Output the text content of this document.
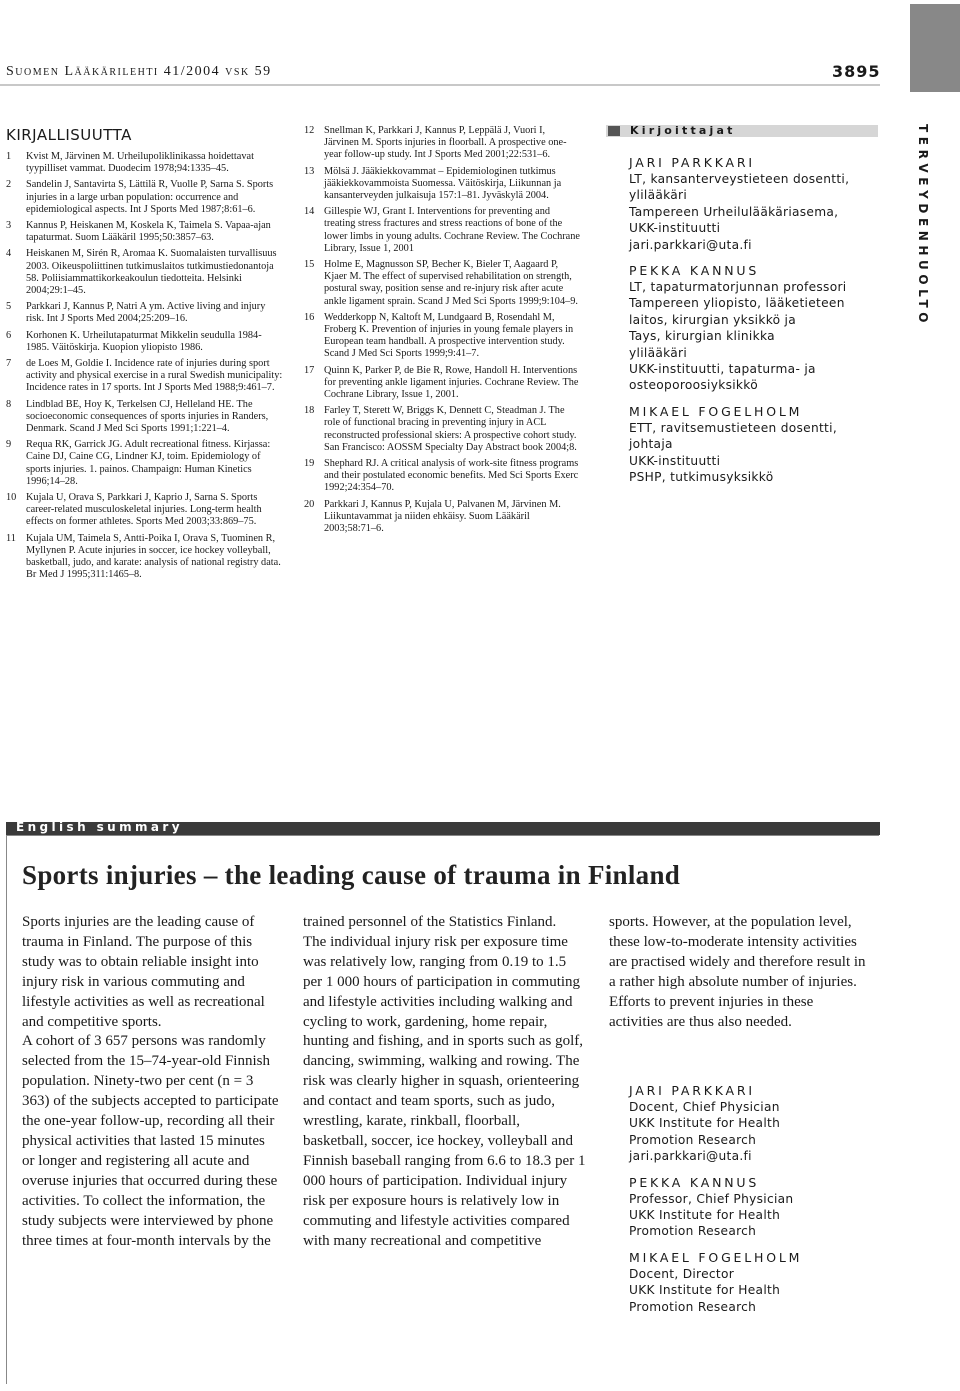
Suomen Lääkärilehti 41/2004 vsk 59	3895
TERVEYDENHUOLTO
KIRJALLISUUTTA
1	Kvist M, Järvinen M. Urheilupoliklinikassa hoidettavat tyypilliset vammat. Duodecim 1978;94:1335–45.
2	Sandelin J, Santavirta S, Lättilä R, Vuolle P, Sarna S. Sports injuries in a large urban population: occurrence and epidemiological aspects. Int J Sports Med 1987;8:61–6.
3	Kannus P, Heiskanen M, Koskela K, Taimela S. Vapaa-ajan tapaturmat. Suom Lääkäril 1995;50:3857–63.
4	Heiskanen M, Sirén R, Aromaa K. Suomalaisten turvallisuus 2003. Oikeuspoliittinen tutkimuslaitos tutkimustiedonantoja 58. Poliisiammattikorkeakoulun tiedotteita. Helsinki 2004;29:1–45.
5	Parkkari J, Kannus P, Natri A ym. Active living and injury risk. Int J Sports Med 2004;25:209–16.
6	Korhonen K. Urheilutapaturmat Mikkelin seudulla 1984-1985. Väitöskirja. Kuopion yliopisto 1986.
7	de Loes M, Goldie I. Incidence rate of injuries during sport activity and physical exercise in a rural Swedish municipality: Incidence rates in 17 sports. Int J Sports Med 1988;9:461–7.
8	Lindblad BE, Hoy K, Terkelsen CJ, Helleland HE. The socioeconomic consequences of sports injuries in Randers, Denmark. Scand J Med Sci Sports 1991;1:221–4.
9	Requa RK, Garrick JG. Adult recreational fitness. Kirjassa: Caine DJ, Caine CG, Lindner KJ, toim. Epidemiology of sports injuries. 1. painos. Champaign: Human Kinetics 1996;14–28.
10 Kujala U, Orava S, Parkkari J, Kaprio J, Sarna S. Sports career-related musculoskeletal injuries. Long-term health effects on former athletes. Sports Med 2003;33:869–75.
11 Kujala UM, Taimela S, Antti-Poika I, Orava S, Tuominen R, Myllynen P. Acute injuries in soccer, ice hockey volleyball, basketball, judo, and karate: analysis of national registry data. Br Med J 1995;311:1465–8.
12 Snellman K, Parkkari J, Kannus P, Leppälä J, Vuori I, Järvinen M. Sports injuries in floorball. A prospective one-year follow-up study. Int J Sports Med 2001;22:531–6.
13 Mölsä J. Jääkiekkovammat – Epidemiologinen tutkimus jääkiekkovammoista Suomessa. Väitöskirja, Liikunnan ja kansanterveyden julkaisuja 157:1–81. Jyväskylä 2004.
14 Gillespie WJ, Grant I. Interventions for preventing and treating stress fractures and stress reactions of bone of the lower limbs in young adults. Cochrane Review. The Cochrane Library, Issue 1, 2001
15 Holme E, Magnusson SP, Becher K, Bieler T, Aagaard P, Kjaer M. The effect of supervised rehabilitation on strength, postural sway, position sense and re-injury risk after acute ankle ligament sprain. Scand J Med Sci Sports 1999;9:104–9.
16 Wedderkopp N, Kaltoft M, Lundgaard B, Rosendahl M, Froberg K. Prevention of injuries in young female players in European team handball. A prospective intervention study. Scand J Med Sci Sports 1999;9:41–7.
17 Quinn K, Parker P, de Bie R, Rowe, Handoll H. Interventions for preventing ankle ligament injuries. Cochrane Review. The Cochrane Library, Issue 1, 2001.
18 Farley T, Sterett W, Briggs K, Dennett C, Steadman J. The role of functional bracing in preventing injury in ACL reconstructed professional skiers: A prospective cohort study. San Francisco: AOSSM Specialty Day Abstract book 2004;8.
19 Shephard RJ. A critical analysis of work-site fitness programs and their postulated economic benefits. Med Sci Sports Exerc 1992;24:354–70.
20 Parkkari J, Kannus P, Kujala U, Palvanen M, Järvinen M. Liikuntavammat ja niiden ehkäisy. Suom Lääkäril 2003;58:71–6.
Kirjoittajat
JARI PARKKARI
LT, kansanterveystieteen dosentti,
ylilääkäri
Tampereen Urheilulääkäriasema,
UKK-instituutti
jari.parkkari@uta.fi
PEKKA KANNUS
LT, tapaturmatorjunnan professori
Tampereen yliopisto, lääketieteen
laitos, kirurgian yksikkö ja
Tays, kirurgian klinikka
ylilääkäri
UKK-instituutti, tapaturma- ja
osteoporoosiyksikkö
MIKAEL FOGELHOLM
ETT, ravitsemustieteen dosentti,
johtaja
UKK-instituutti
PSHP, tutkimusyksikkö
English summary
Sports injuries – the leading cause of trauma in Finland

Sports injuries are the leading cause of trauma in Finland. The purpose of this study was to obtain reliable insight into injury risk in various commuting and lifestyle activities as well as recreational and competitive sports.

A cohort of 3 657 persons was randomly selected from the 15–74-year-old Finnish population. Ninety-two per cent (n = 3 363) of the subjects accepted to participate the one-year follow-up, recording all their physical activities that lasted 15 minutes or longer and registering all acute and overuse injuries that occurred during these activities. To collect the information, the study subjects were interviewed by phone three times at four-month intervals by the

trained personnel of the Statistics Finland.

The individual injury risk per exposure time was relatively low, ranging from 0.19 to 1.5 per 1 000 hours of participation in commuting and lifestyle activities including walking and cycling to work, gardening, home repair, hunting and fishing, and in sports such as golf, dancing, swimming, walking and rowing. The risk was clearly higher in squash, orienteering and contact and team sports, such as judo, wrestling, karate, rinkball, floorball, basketball, soccer, ice hockey, volleyball and Finnish baseball ranging from 6.6 to 18.3 per 1 000 hours of participation. Individual injury risk per exposure hours is relatively low in commuting and lifestyle activities compared with many recreational and competitive

sports. However, at the population level, these low-to-moderate intensity activities are practised widely and therefore result in a rather high absolute number of injuries. Efforts to prevent injuries in these activities are thus also needed.

JARI PARKKARI
Docent, Chief Physician
UKK Institute for Health
Promotion Research
jari.parkkari@uta.fi
PEKKA KANNUS
Professor, Chief Physician
UKK Institute for Health
Promotion Research
MIKAEL FOGELHOLM
Docent, Director
UKK Institute for Health
Promotion Research
